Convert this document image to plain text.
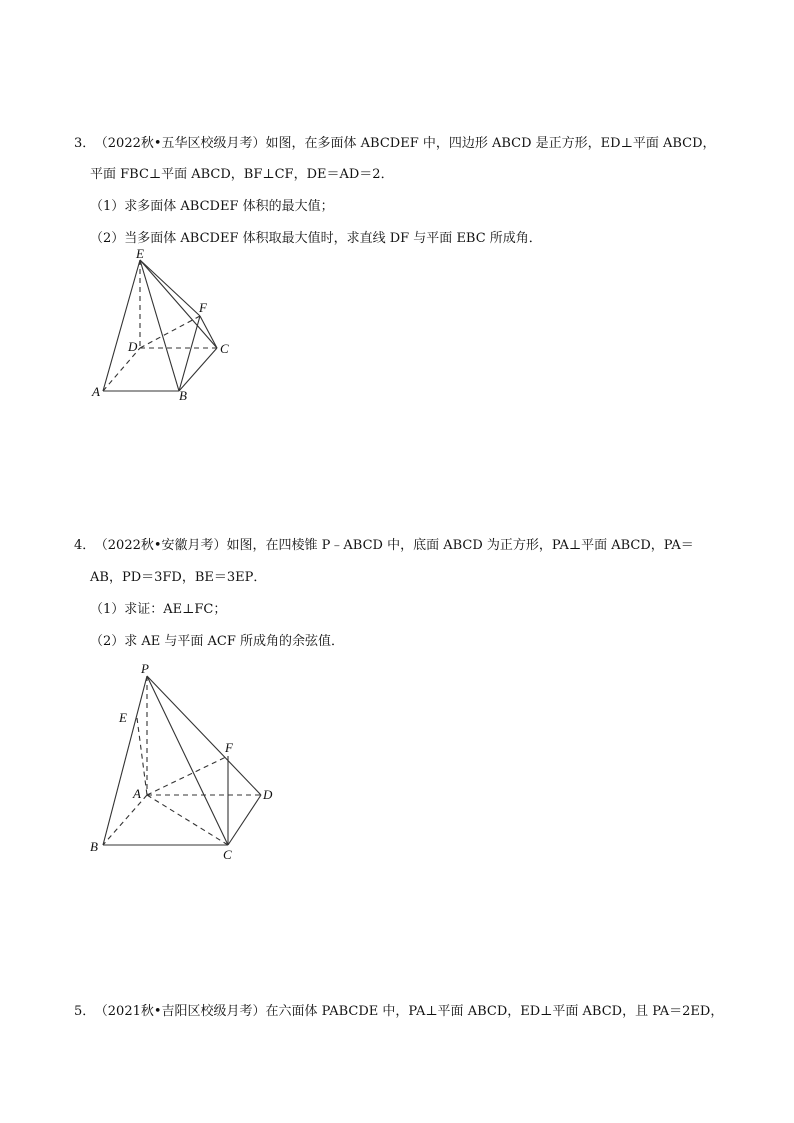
3． （2022秋•五华区校级月考）如图，在多面体 ABCDEF 中，四边形 ABCD 是正方形，ED⊥平面 ABCD，
平面 FBC⊥平面 ABCD，BF⊥CF，DE＝AD＝2．
（1）求多面体 ABCDEF 体积的最大值；
（2）当多面体 ABCDEF 体积取最大值时，求直线 DF 与平面 EBC 所成角．
E
F
D	C
A	B
4． （2022秋•安徽月考）如图，在四棱锥 P﹣ABCD 中，底面 ABCD 为正方形，PA⊥平面 ABCD，PA＝
AB，PD＝3FD，BE＝3EP．
（1）求证：AE⊥FC；
（2）求 AE 与平面 ACF 所成角的余弦值．
P
E
F
A	D
B
C
5． （2021秋•吉阳区校级月考）在六面体 PABCDE 中，PA⊥平面 ABCD，ED⊥平面 ABCD，且 PA＝2ED，
